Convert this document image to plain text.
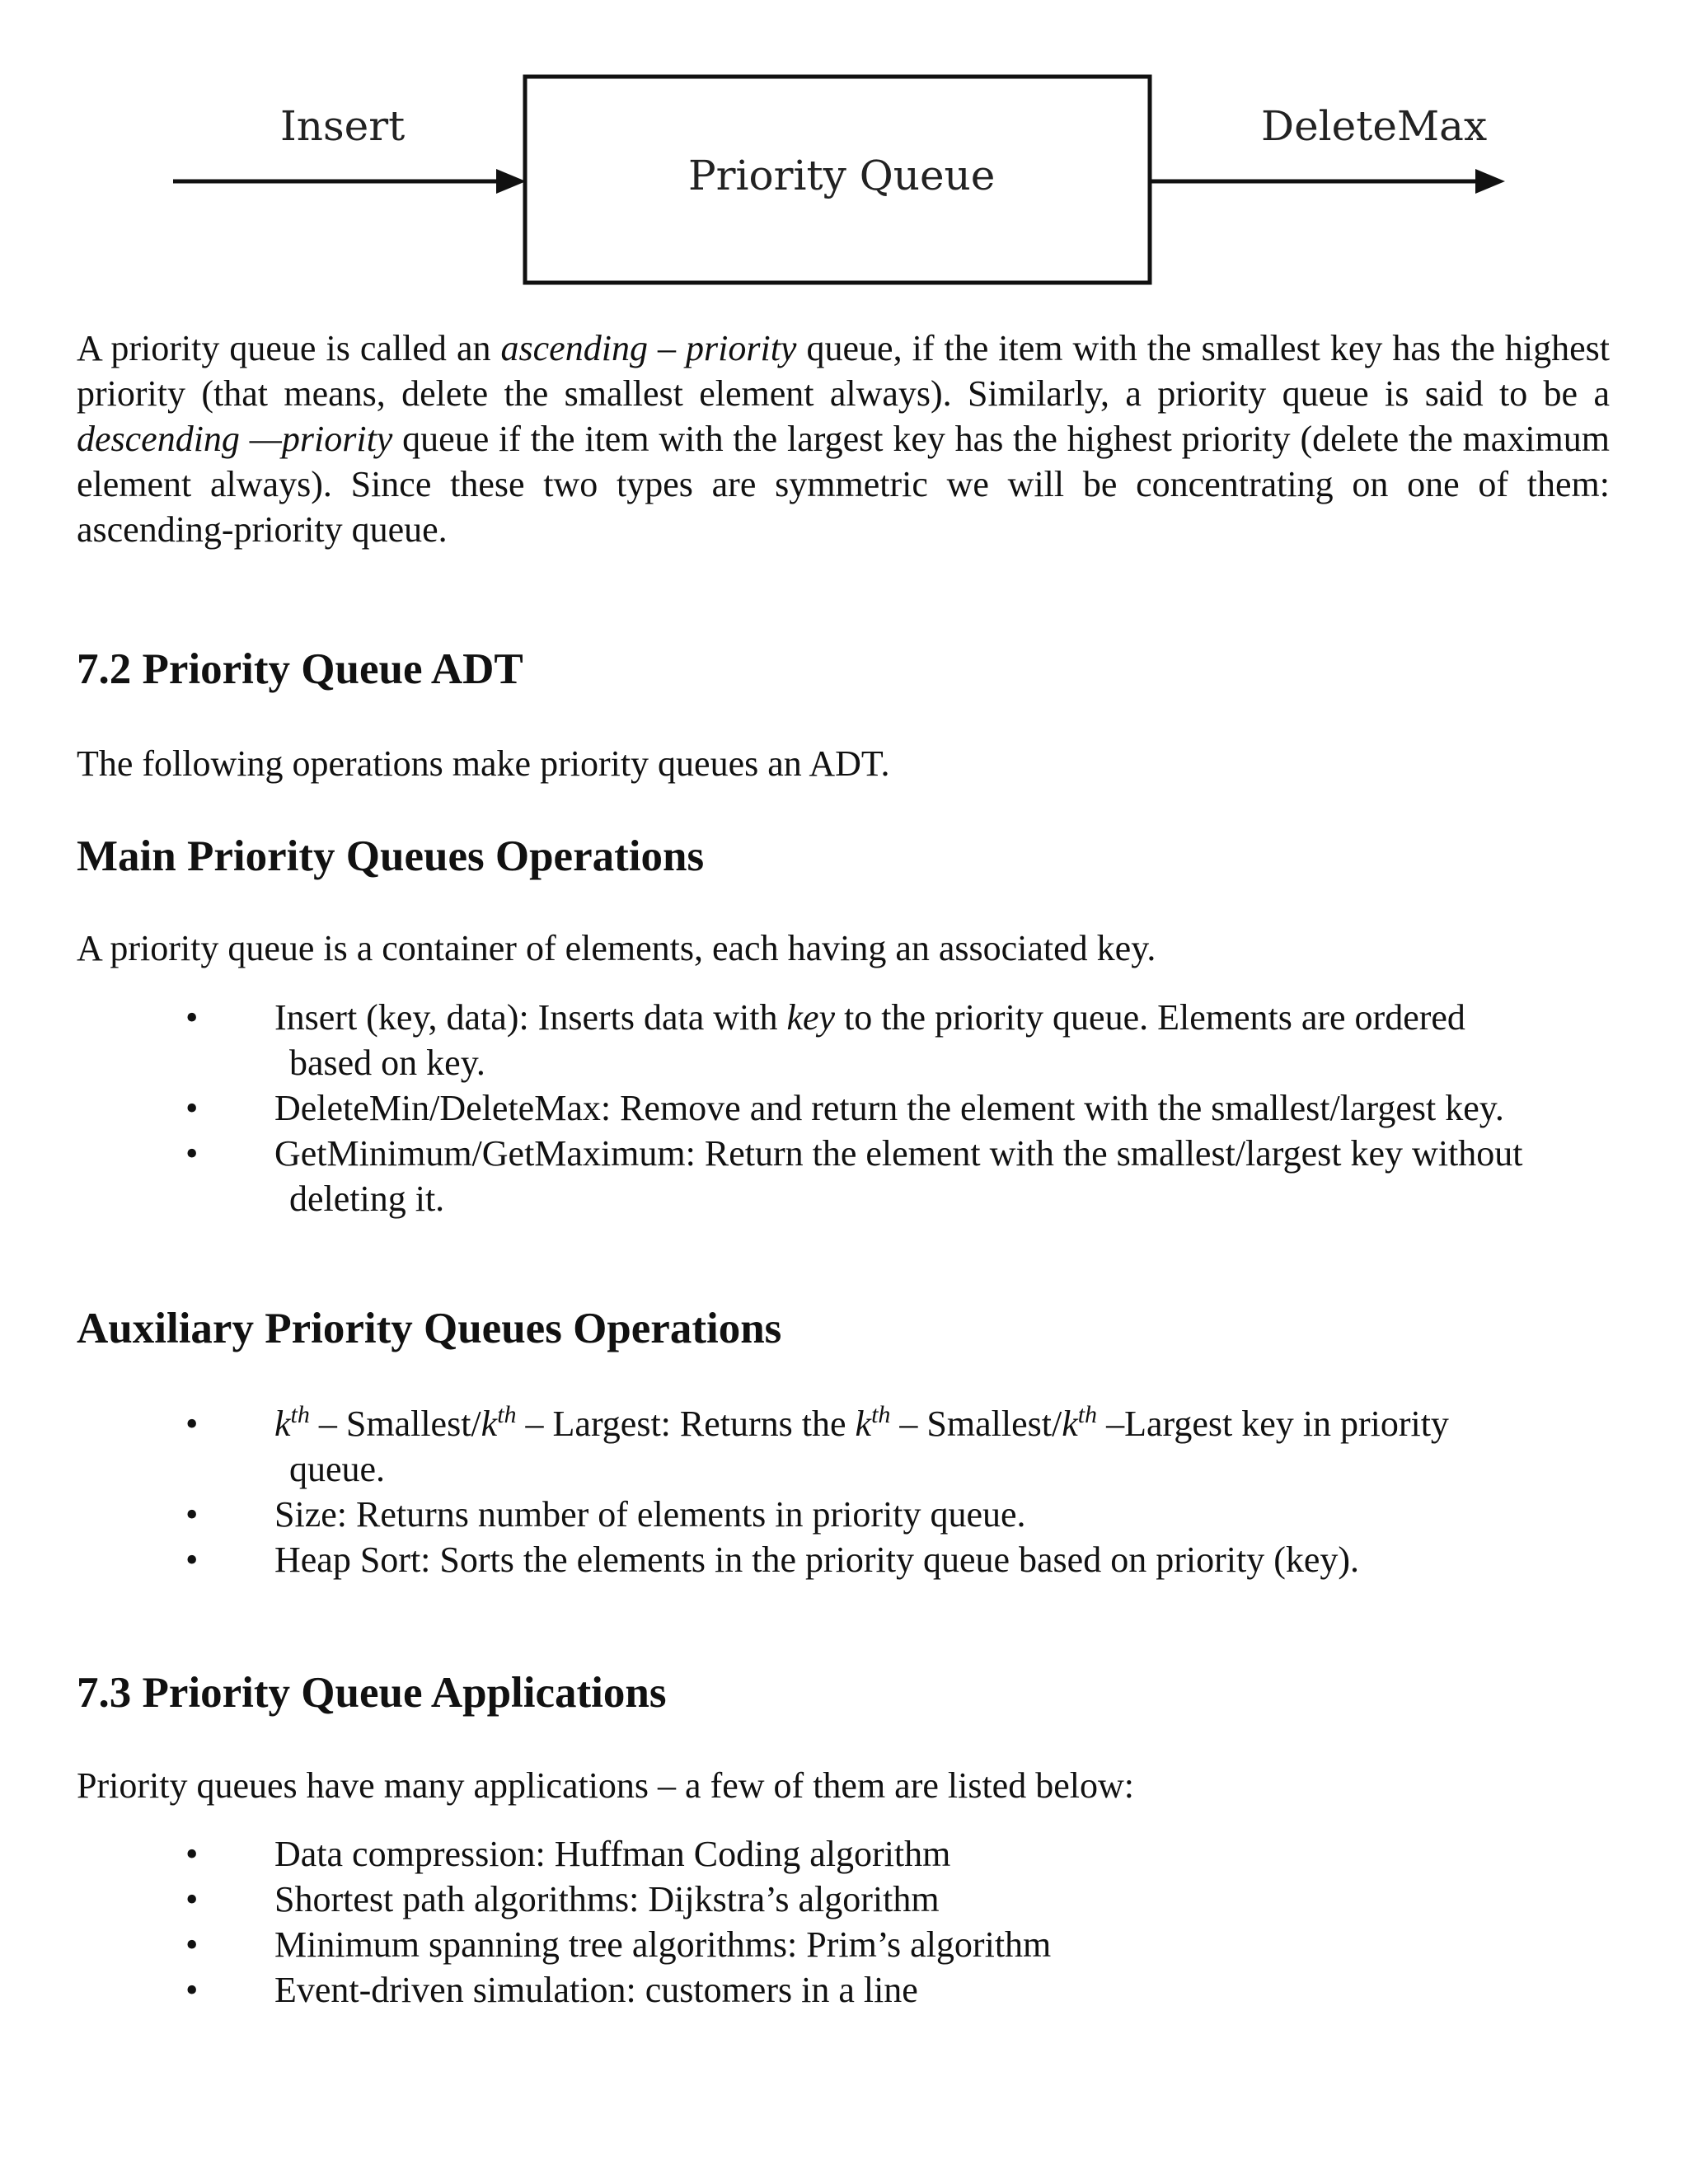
Insert
Priority Queue
DeleteMax

A priority queue is called an ascending – priority queue, if the item with the smallest key has the highest priority (that means, delete the smallest element always). Similarly, a priority queue is said to be a descending —priority queue if the item with the largest key has the highest priority (delete the maximum element always). Since these two types are symmetric we will be concentrating on one of them: ascending-priority queue.

7.2 Priority Queue ADT

The following operations make priority queues an ADT.

Main Priority Queues Operations

A priority queue is a container of elements, each having an associated key.

• Insert (key, data): Inserts data with key to the priority queue. Elements are ordered
based on key.
• DeleteMin/DeleteMax: Remove and return the element with the smallest/largest key.
• GetMinimum/GetMaximum: Return the element with the smallest/largest key without
deleting it.
Auxiliary Priority Queues Operations
• $k^{th}$ – Smallest/$k^{th}$ – Largest: Returns the $k^{th}$ – Smallest/$k^{th}$ –Largest key in priority
queue.
• Size: Returns number of elements in priority queue.
• Heap Sort: Sorts the elements in the priority queue based on priority (key).
7.3 Priority Queue Applications

Priority queues have many applications – a few of them are listed below:

• Data compression: Huffman Coding algorithm
• Shortest path algorithms: Dijkstra’s algorithm
• Minimum spanning tree algorithms: Prim’s algorithm
• Event-driven simulation: customers in a line
